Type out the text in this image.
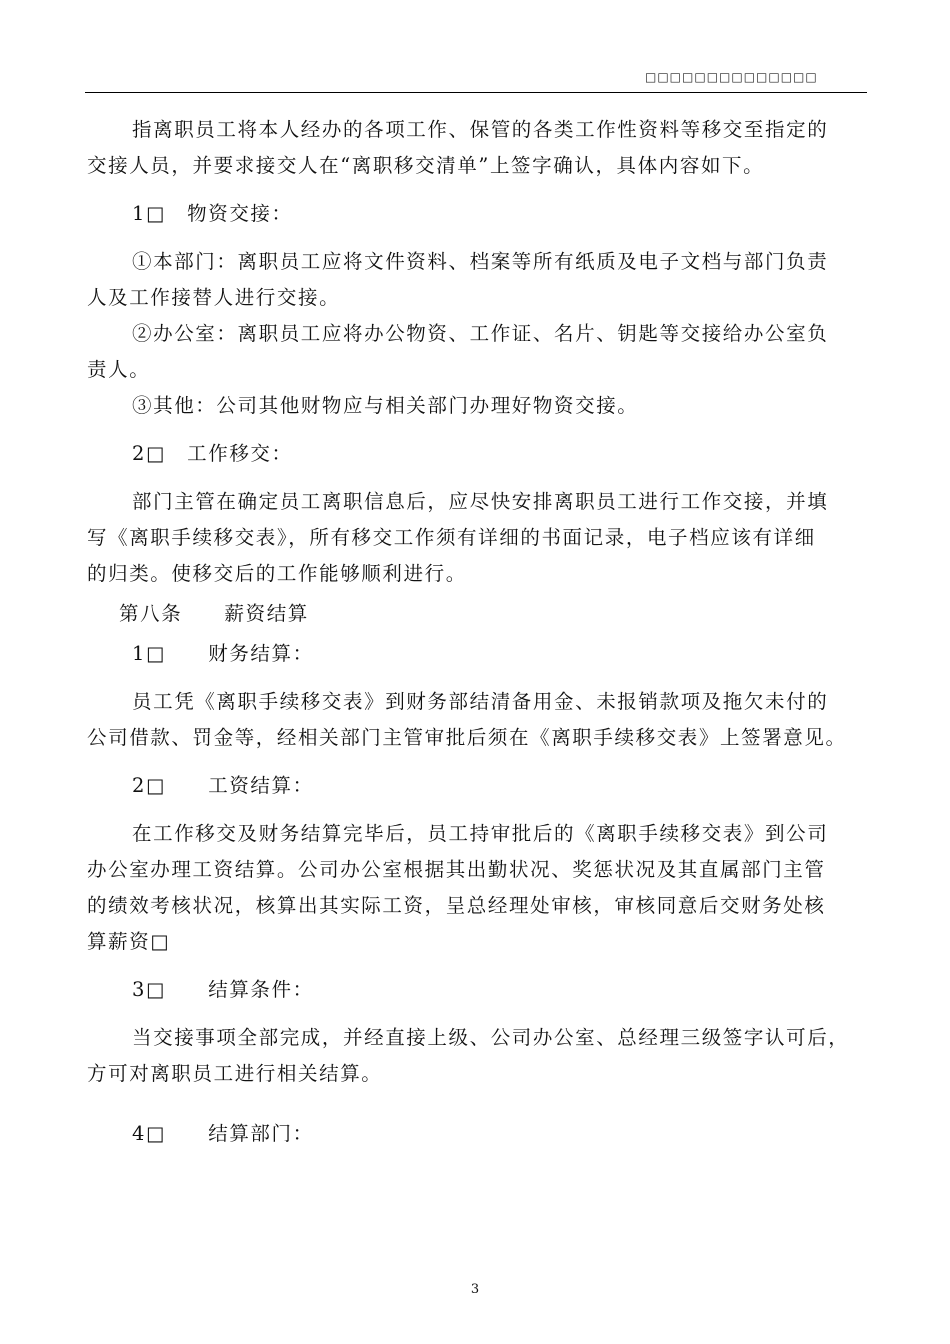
□□□□□□□□□□□□□□

指离职员工将本人经办的各项工作、保管的各类工作性资料等移交至指定的

交接人员，并要求接交人在“离职移交清单”上签字确认，具体内容如下。

1□　物资交接：

①本部门：离职员工应将文件资料、档案等所有纸质及电子文档与部门负责

人及工作接替人进行交接。

②办公室：离职员工应将办公物资、工作证、名片、钥匙等交接给办公室负

责人。

③其他：公司其他财物应与相关部门办理好物资交接。

2□　工作移交：

部门主管在确定员工离职信息后，应尽快安排离职员工进行工作交接，并填

写《离职手续移交表》，所有移交工作须有详细的书面记录，电子档应该有详细

的归类。使移交后的工作能够顺利进行。

第八条　　薪资结算

1□　　财务结算：

员工凭《离职手续移交表》到财务部结清备用金、未报销款项及拖欠未付的

公司借款、罚金等，经相关部门主管审批后须在《离职手续移交表》上签署意见。

2□　　工资结算：

在工作移交及财务结算完毕后，员工持审批后的《离职手续移交表》到公司

办公室办理工资结算。公司办公室根据其出勤状况、奖惩状况及其直属部门主管

的绩效考核状况，核算出其实际工资，呈总经理处审核，审核同意后交财务处核

算薪资□

3□　　结算条件：

当交接事项全部完成，并经直接上级、公司办公室、总经理三级签字认可后，

方可对离职员工进行相关结算。

4□　　结算部门：

3
